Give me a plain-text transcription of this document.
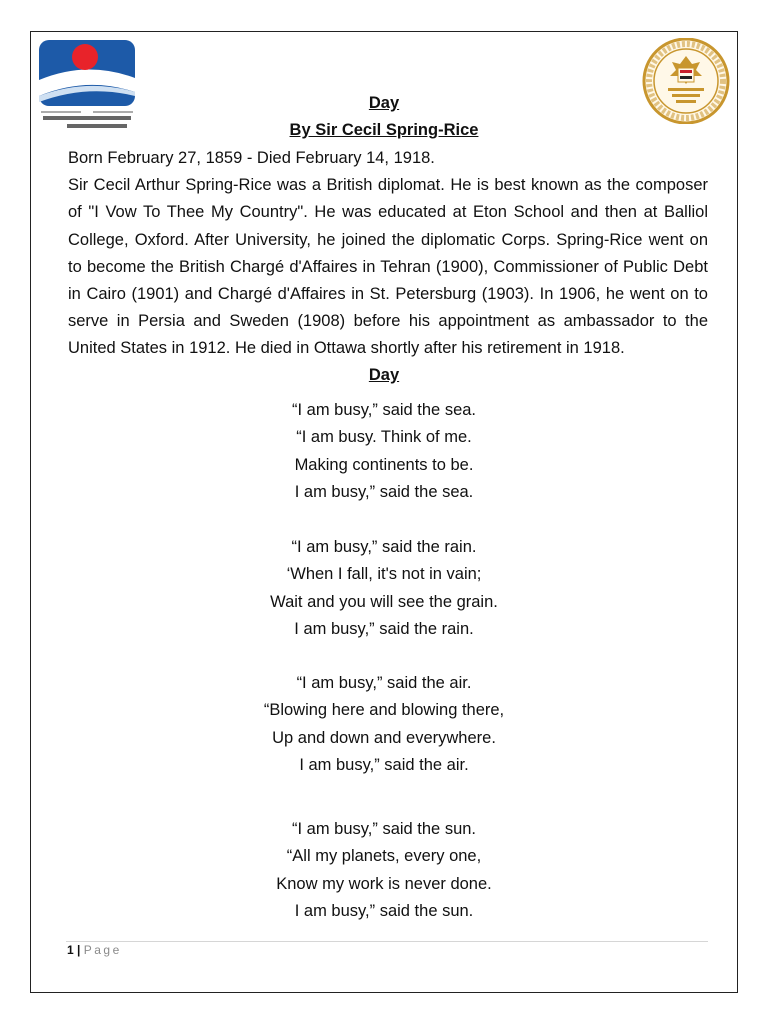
Day
By Sir Cecil Spring-Rice

Born February 27, 1859 - Died February 14, 1918.

Sir Cecil Arthur Spring-Rice was a British diplomat. He is best known as the composer of "I Vow To Thee My Country". He was educated at Eton School and then at Balliol College, Oxford. After University, he joined the diplomatic Corps. Spring-Rice went on to become the British Chargé d'Affaires in Tehran (1900), Commissioner of Public Debt in Cairo (1901) and Chargé d'Affaires in St. Petersburg (1903). In 1906, he went on to serve in Persia and Sweden (1908) before his appointment as ambassador to the United States in 1912. He died in Ottawa shortly after his retirement in 1918.

Day
“I am busy,” said the sea.
“I am busy. Think of me.
Making continents to be.
I am busy,” said the sea.
“I am busy,” said the rain.
‘When I fall, it's not in vain;
Wait and you will see the grain.
I am busy,” said the rain.
“I am busy,” said the air.
“Blowing here and blowing there,
Up and down and everywhere.
I am busy,” said the air.
“I am busy,” said the sun.
“All my planets, every one,
Know my work is never done.
I am busy,” said the sun.
1 | Page
